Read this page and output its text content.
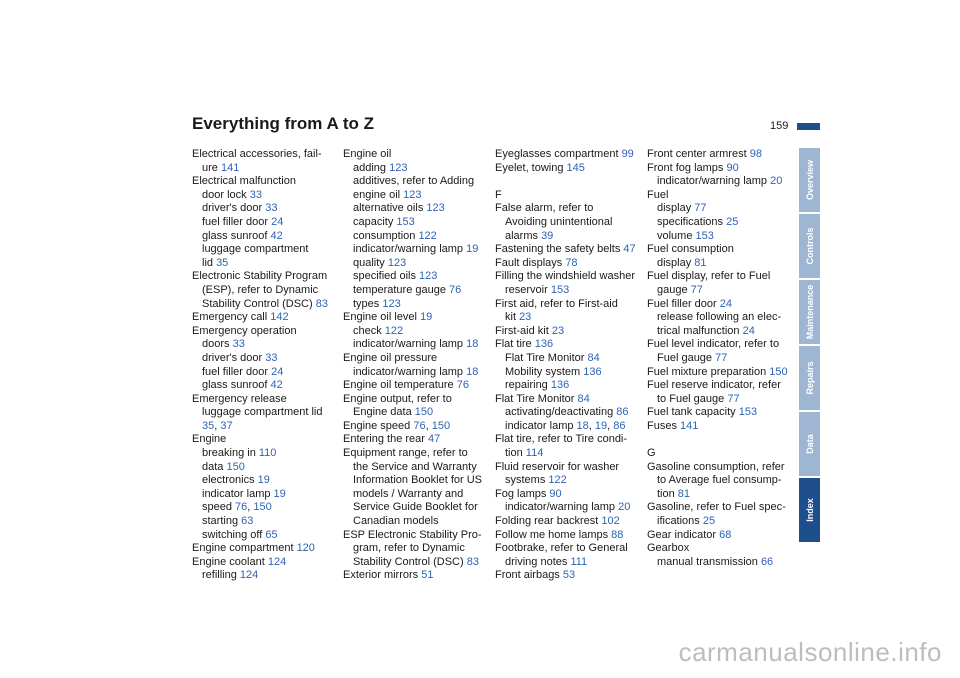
Everything from A to Z	159
Electrical accessories, fail-
ure 141
Electrical malfunction
door lock 33
driver's door 33
fuel filler door 24
glass sunroof 42
luggage compartment
lid 35
Electronic Stability Program
(ESP), refer to Dynamic
Stability Control (DSC) 83
Emergency call 142
Emergency operation
doors 33
driver's door 33
fuel filler door 24
glass sunroof 42
Emergency release
luggage compartment lid
35, 37
Engine
breaking in 110
data 150
electronics 19
indicator lamp 19
speed 76, 150
starting 63
switching off 65
Engine compartment 120
Engine coolant 124
refilling 124
Engine oil
adding 123
additives, refer to Adding
engine oil 123
alternative oils 123
capacity 153
consumption 122
indicator/warning lamp 19
quality 123
specified oils 123
temperature gauge 76
types 123
Engine oil level 19
check 122
indicator/warning lamp 18
Engine oil pressure
indicator/warning lamp 18
Engine oil temperature 76
Engine output, refer to
Engine data 150
Engine speed 76, 150
Entering the rear 47
Equipment range, refer to
the Service and Warranty
Information Booklet for US
models / Warranty and
Service Guide Booklet for
Canadian models
ESP Electronic Stability Pro-
gram, refer to Dynamic
Stability Control (DSC) 83
Exterior mirrors 51
Eyeglasses compartment 99
Eyelet, towing 145
F
False alarm, refer to
Avoiding unintentional
alarms 39
Fastening the safety belts 47
Fault displays 78
Filling the windshield washer
reservoir 153
First aid, refer to First-aid
kit 23
First-aid kit 23
Flat tire 136
Flat Tire Monitor 84
Mobility system 136
repairing 136
Flat Tire Monitor 84
activating/deactivating 86
indicator lamp 18, 19, 86
Flat tire, refer to Tire condi-
tion 114
Fluid reservoir for washer
systems 122
Fog lamps 90
indicator/warning lamp 20
Folding rear backrest 102
Follow me home lamps 88
Footbrake, refer to General
driving notes 111
Front airbags 53
Front center armrest 98
Front fog lamps 90
indicator/warning lamp 20
Fuel
display 77
specifications 25
volume 153
Fuel consumption
display 81
Fuel display, refer to Fuel
gauge 77
Fuel filler door 24
release following an elec-
trical malfunction 24
Fuel level indicator, refer to
Fuel gauge 77
Fuel mixture preparation 150
Fuel reserve indicator, refer
to Fuel gauge 77
Fuel tank capacity 153
Fuses 141
G
Gasoline consumption, refer
to Average fuel consump-
tion 81
Gasoline, refer to Fuel spec-
ifications 25
Gear indicator 68
Gearbox
manual transmission 66
Overview
Controls
Maintenance
Repairs
Data
Index
carmanualsonline.info
